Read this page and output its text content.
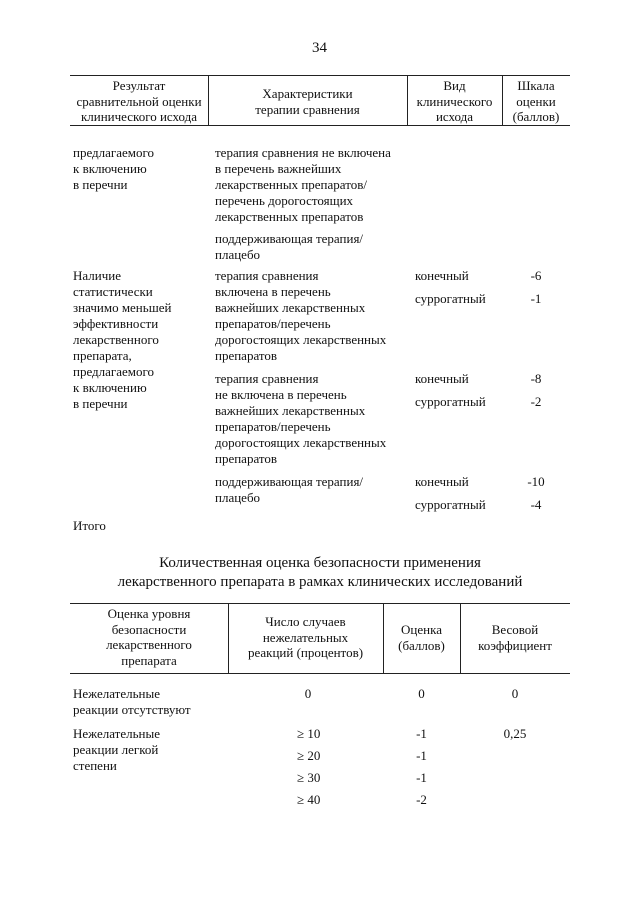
34
Результат
сравнительной оценки
клинического исхода
Характеристики
терапии сравнения
Вид
клинического
исхода
Шкала
оценки
(баллов)
предлагаемого
к включению
в перечни
терапия сравнения не включена
в перечень важнейших
лекарственных препаратов/
перечень дорогостоящих
лекарственных препаратов
поддерживающая терапия/
плацебо
Наличие
статистически
значимо меньшей
эффективности
лекарственного
препарата,
предлагаемого
к включению
в перечни
терапия сравнения
включена в перечень
важнейших лекарственных
препаратов/перечень
дорогостоящих лекарственных
препаратов
конечный
суррогатный
-6
-1
терапия сравнения
не включена в перечень
важнейших лекарственных
препаратов/перечень
дорогостоящих лекарственных
препаратов
конечный
суррогатный
-8
-2
поддерживающая терапия/
плацебо
конечный
суррогатный
-10
-4
Итого
Количественная оценка безопасности применения
лекарственного препарата в рамках клинических исследований
Оценка уровня
безопасности
лекарственного
препарата
Число случаев
нежелательных
реакций (процентов)
Оценка
(баллов)
Весовой
коэффициент
Нежелательные
реакции отсутствуют
0	0	0
Нежелательные
реакции легкой
степени
≥ 10
≥ 20
≥ 30
≥ 40
-1
-1
-1
-2
0,25
